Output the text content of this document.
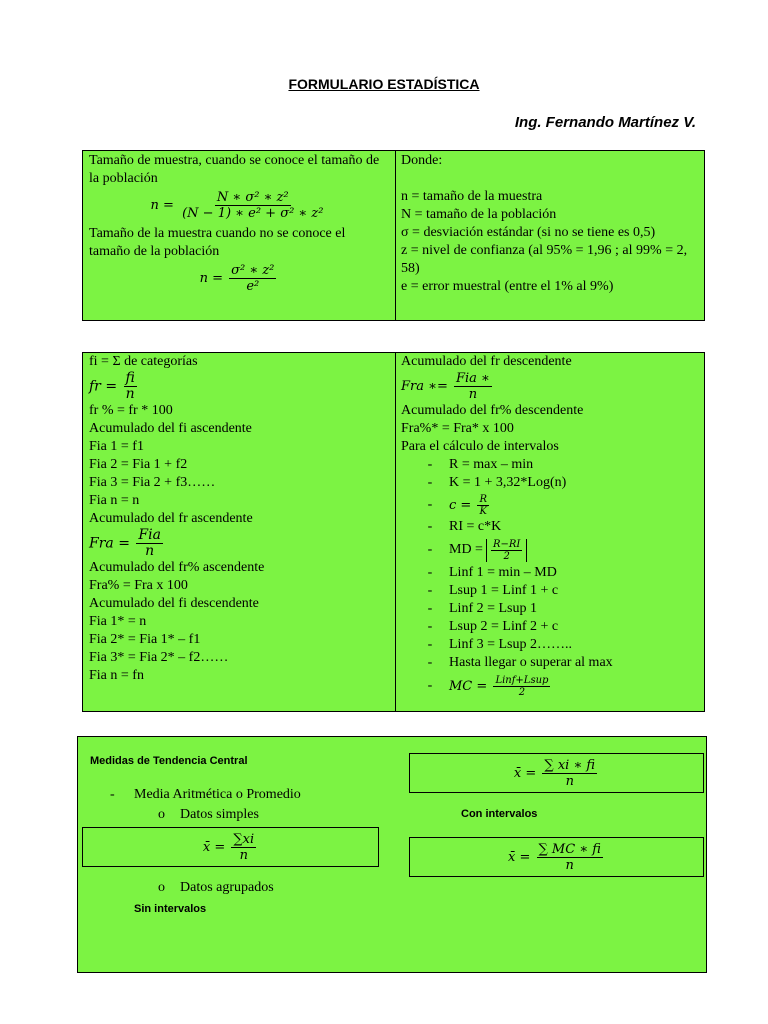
FORMULARIO ESTADÍSTICA
Ing. Fernando Martínez V.
Tamaño de muestra, cuando se conoce el tamaño de la población
$n = \frac{\text{N ∗ σ² ∗ z²}}{\text{(N − 1) ∗ e² + σ² ∗ z²}}$
Tamaño de la muestra cuando no se conoce el tamaño de la población
$n = \frac{\text{σ² ∗ z²}}{\text{e²}}$
Donde:
n = tamaño de la muestra
N = tamaño de la población
σ = desviación estándar (si no se tiene es 0,5)
z = nivel de confianza (al 95% = 1,96 ; al 99% = 2, 58)
e = error muestral (entre el 1% al 9%)
fi = Σ de categorías
fr = $\frac{fi}{n}$
fr % = fr * 100
Acumulado del fi ascendente
Fia 1 = f1
Fia 2 = Fia 1 + f2
Fia 3 = Fia 2 + f3……
Fia n = n
Acumulado del fr ascendente
Fra = $\frac{\text{Fia}}{n}$
Acumulado del fr% ascendente
Fra% = Fra x 100
Acumulado del fi descendente
Fia 1* = n
Fia 2* = Fia 1* – f1
Fia 3* = Fia 2* – f2……
Fia n = fn
Acumulado del fr descendente
Fra ∗= $\frac{\text{Fia ∗}}{n}$
Acumulado del fr% descendente
Fra%* = Fra* x 100
Para el cálculo de intervalos
- R = max – min
- K = 1 + 3,32*Log(n)
-	$c = \frac{R}{K}$
- RI = c*K
-	MD = $\frac{R-RI}{2}$
- Linf 1 = min – MD
- Lsup 1 = Linf 1 + c
- Linf 2 = Lsup 1
- Lsup 2 = Linf 2 + c
- Linf 3 = Lsup 2……..
- Hasta llegar o superar al max
-	MC = $\frac{\text{Linf+Lsup}}{2}$
Medidas de Tendencia Central
- Media Aritmética o Promedio
o Datos simples
x̄ = $\frac{\sum xi}{n}$
o Datos agrupados
Sin intervalos
x̄ = $\frac{\sum xi ∗ fi}{n}$
Con intervalos
x̄ = $\frac{\sum MC ∗ fi}{n}$
